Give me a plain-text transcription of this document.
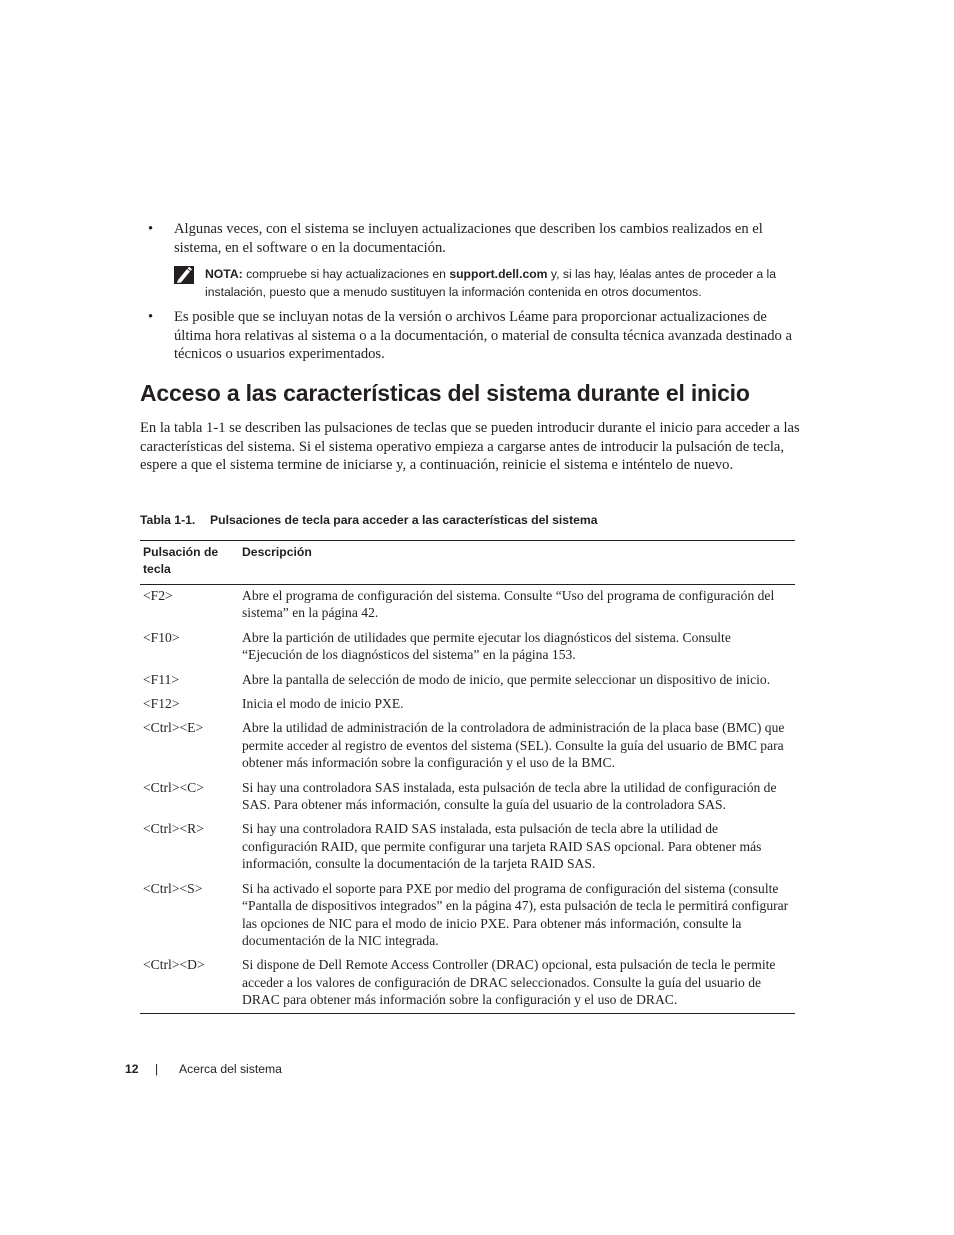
• Algunas veces, con el sistema se incluyen actualizaciones que describen los cambios realizados en el sistema, en el software o en la documentación.
NOTA: compruebe si hay actualizaciones en support.dell.com y, si las hay, léalas antes de proceder a la instalación, puesto que a menudo sustituyen la información contenida en otros documentos.
• Es posible que se incluyan notas de la versión o archivos Léame para proporcionar actualizaciones de última hora relativas al sistema o a la documentación, o material de consulta técnica avanzada destinado a técnicos o usuarios experimentados.
Acceso a las características del sistema durante el inicio

En la tabla 1-1 se describen las pulsaciones de teclas que se pueden introducir durante el inicio para acceder a las características del sistema. Si el sistema operativo empieza a cargarse antes de introducir la pulsación de tecla, espere a que el sistema termine de iniciarse y, a continuación, reinicie el sistema e inténtelo de nuevo.

Tabla 1-1. Pulsaciones de tecla para acceder a las características del sistema
Pulsación de tecla	Descripción
<F2>	Abre el programa de configuración del sistema. Consulte “Uso del programa de configuración del sistema” en la página 42.
<F10>	Abre la partición de utilidades que permite ejecutar los diagnósticos del sistema. Consulte “Ejecución de los diagnósticos del sistema” en la página 153.
<F11>	Abre la pantalla de selección de modo de inicio, que permite seleccionar un dispositivo de inicio.
<F12>	Inicia el modo de inicio PXE.
<Ctrl><E>	Abre la utilidad de administración de la controladora de administración de la placa base (BMC) que permite acceder al registro de eventos del sistema (SEL). Consulte la guía del usuario de BMC para obtener más información sobre la configuración y el uso de la BMC.
<Ctrl><C>	Si hay una controladora SAS instalada, esta pulsación de tecla abre la utilidad de configuración de SAS. Para obtener más información, consulte la guía del usuario de la controladora SAS.
<Ctrl><R>	Si hay una controladora RAID SAS instalada, esta pulsación de tecla abre la utilidad de configuración RAID, que permite configurar una tarjeta RAID SAS opcional. Para obtener más información, consulte la documentación de la tarjeta RAID SAS.
<Ctrl><S>	Si ha activado el soporte para PXE por medio del programa de configuración del sistema (consulte “Pantalla de dispositivos integrados” en la página 47), esta pulsación de tecla le permitirá configurar las opciones de NIC para el modo de inicio PXE. Para obtener más información, consulte la documentación de la NIC integrada.
<Ctrl><D>	Si dispone de Dell Remote Access Controller (DRAC) opcional, esta pulsación de tecla le permite acceder a los valores de configuración de DRAC seleccionados. Consulte la guía del usuario de DRAC para obtener más información sobre la configuración y el uso de DRAC.
12 | Acerca del sistema
